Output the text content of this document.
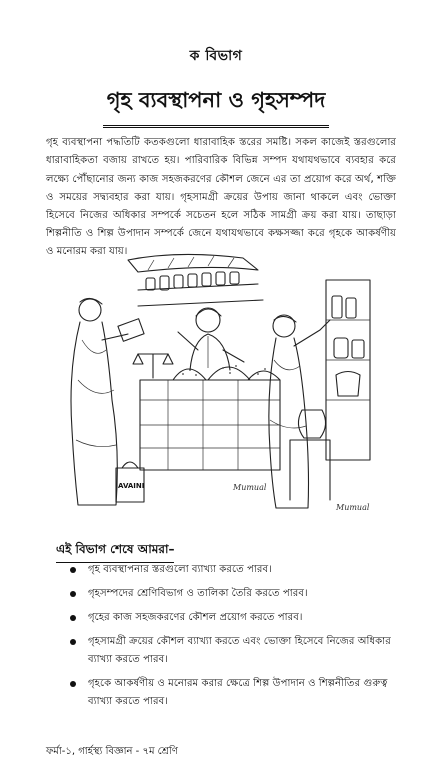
ক বিভাগ
গৃহ ব্যবস্থাপনা ও গৃহসম্পদ

গৃহ ব্যবস্থাপনা পদ্ধতিটি কতকগুলো ধারাবাহিক স্তরের সমষ্টি। সকল কাজেই স্তরগুলোর ধারাবাহিকতা বজায় রাখতে হয়। পারিবারিক বিভিন্ন সম্পদ যথাযথভাবে ব্যবহার করে লক্ষ্যে পৌঁছানোর জন্য কাজ সহজকরণের কৌশল জেনে এর তা প্রয়োগ করে অর্থ, শক্তি ও সময়ের সদ্ব্যবহার করা যায়। গৃহসামগ্রী ক্রয়ের উপায় জানা থাকলে এবং ভোক্তা হিসেবে নিজের অধিকার সম্পর্কে সচেতন হলে সঠিক সামগ্রী ক্রয় করা যায়। তাছাড়া শিল্পনীতি ও শিল্প উপাদান সম্পর্কে জেনে যথাযথভাবে কক্ষসজ্জা করে গৃহকে আকর্ষণীয় ও মনোরম করা যায়।

AVAINI	Mumual
Mumual
এই বিভাগ শেষে আমরা–
গৃহ ব্যবস্থাপনার স্তরগুলো ব্যাখ্যা করতে পারব।
গৃহসম্পদের শ্রেণিবিভাগ ও তালিকা তৈরি করতে পারব।
গৃহের কাজ সহজকরণের কৌশল প্রয়োগ করতে পারব।
গৃহসামগ্রী ক্রয়ের কৌশল ব্যাখ্যা করতে এবং ভোক্তা হিসেবে নিজের অধিকার ব্যাখ্যা করতে পারব।
গৃহকে আকর্ষণীয় ও মনোরম করার ক্ষেত্রে শিল্প উপাদান ও শিল্পনীতির গুরুত্ব ব্যাখ্যা করতে পারব।
ফর্মা-১, গার্হস্থ্য বিজ্ঞান - ৭ম শ্রেণি
